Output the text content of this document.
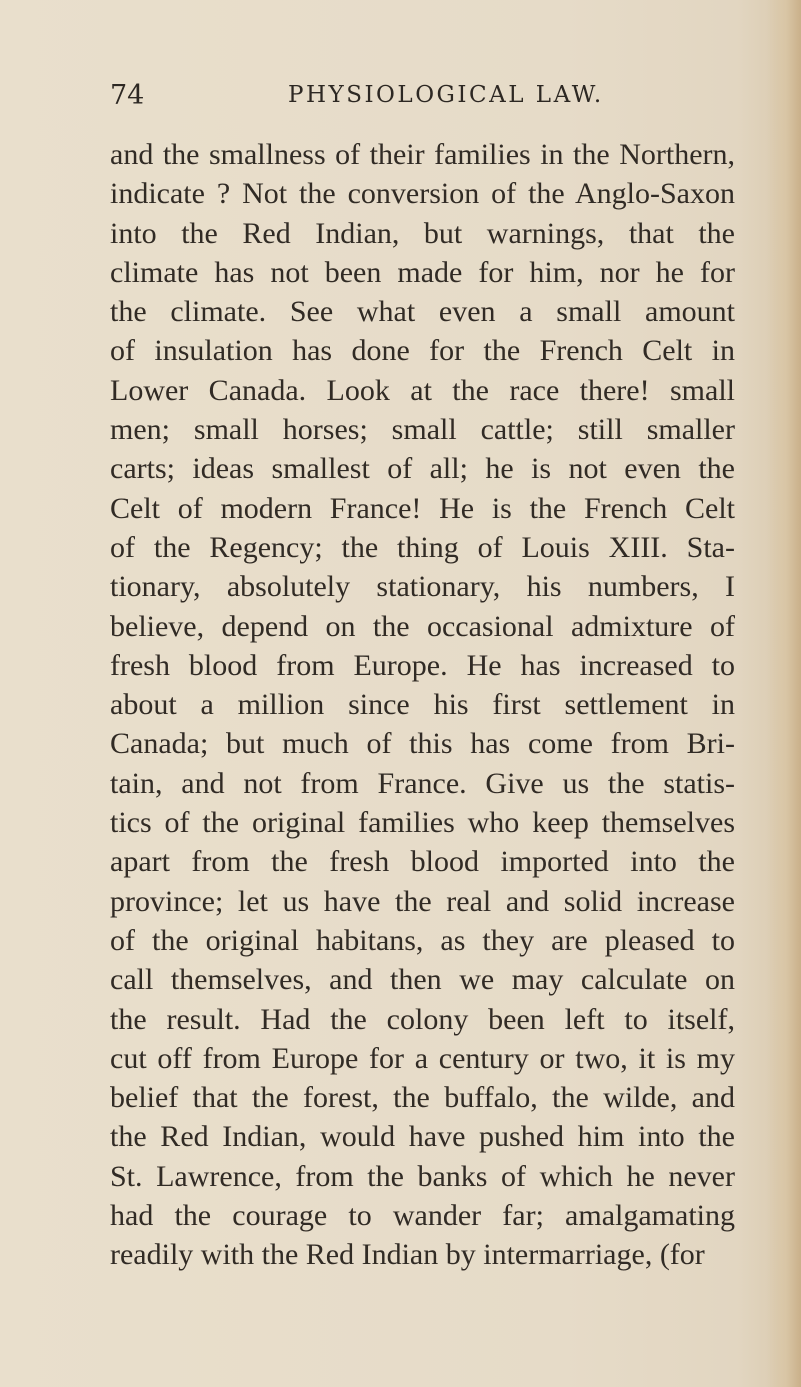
74	PHYSIOLOGICAL LAW.
and the smallness of their families in the Northern,
indicate ? Not the conversion of the Anglo-Saxon
into the Red Indian, but warnings, that the
climate has not been made for him, nor he for
the climate. See what even a small amount
of insulation has done for the French Celt in
Lower Canada. Look at the race there! small
men; small horses; small cattle; still smaller
carts; ideas smallest of all; he is not even the
Celt of modern France! He is the French Celt
of the Regency; the thing of Louis XIII. Sta-
tionary, absolutely stationary, his numbers, I
believe, depend on the occasional admixture of
fresh blood from Europe. He has increased to
about a million since his first settlement in
Canada; but much of this has come from Bri-
tain, and not from France. Give us the statis-
tics of the original families who keep themselves
apart from the fresh blood imported into the
province; let us have the real and solid increase
of the original habitans, as they are pleased to
call themselves, and then we may calculate on
the result. Had the colony been left to itself,
cut off from Europe for a century or two, it is my
belief that the forest, the buffalo, the wilde, and
the Red Indian, would have pushed him into the
St. Lawrence, from the banks of which he never
had the courage to wander far; amalgamating
readily with the Red Indian by intermarriage, (for
